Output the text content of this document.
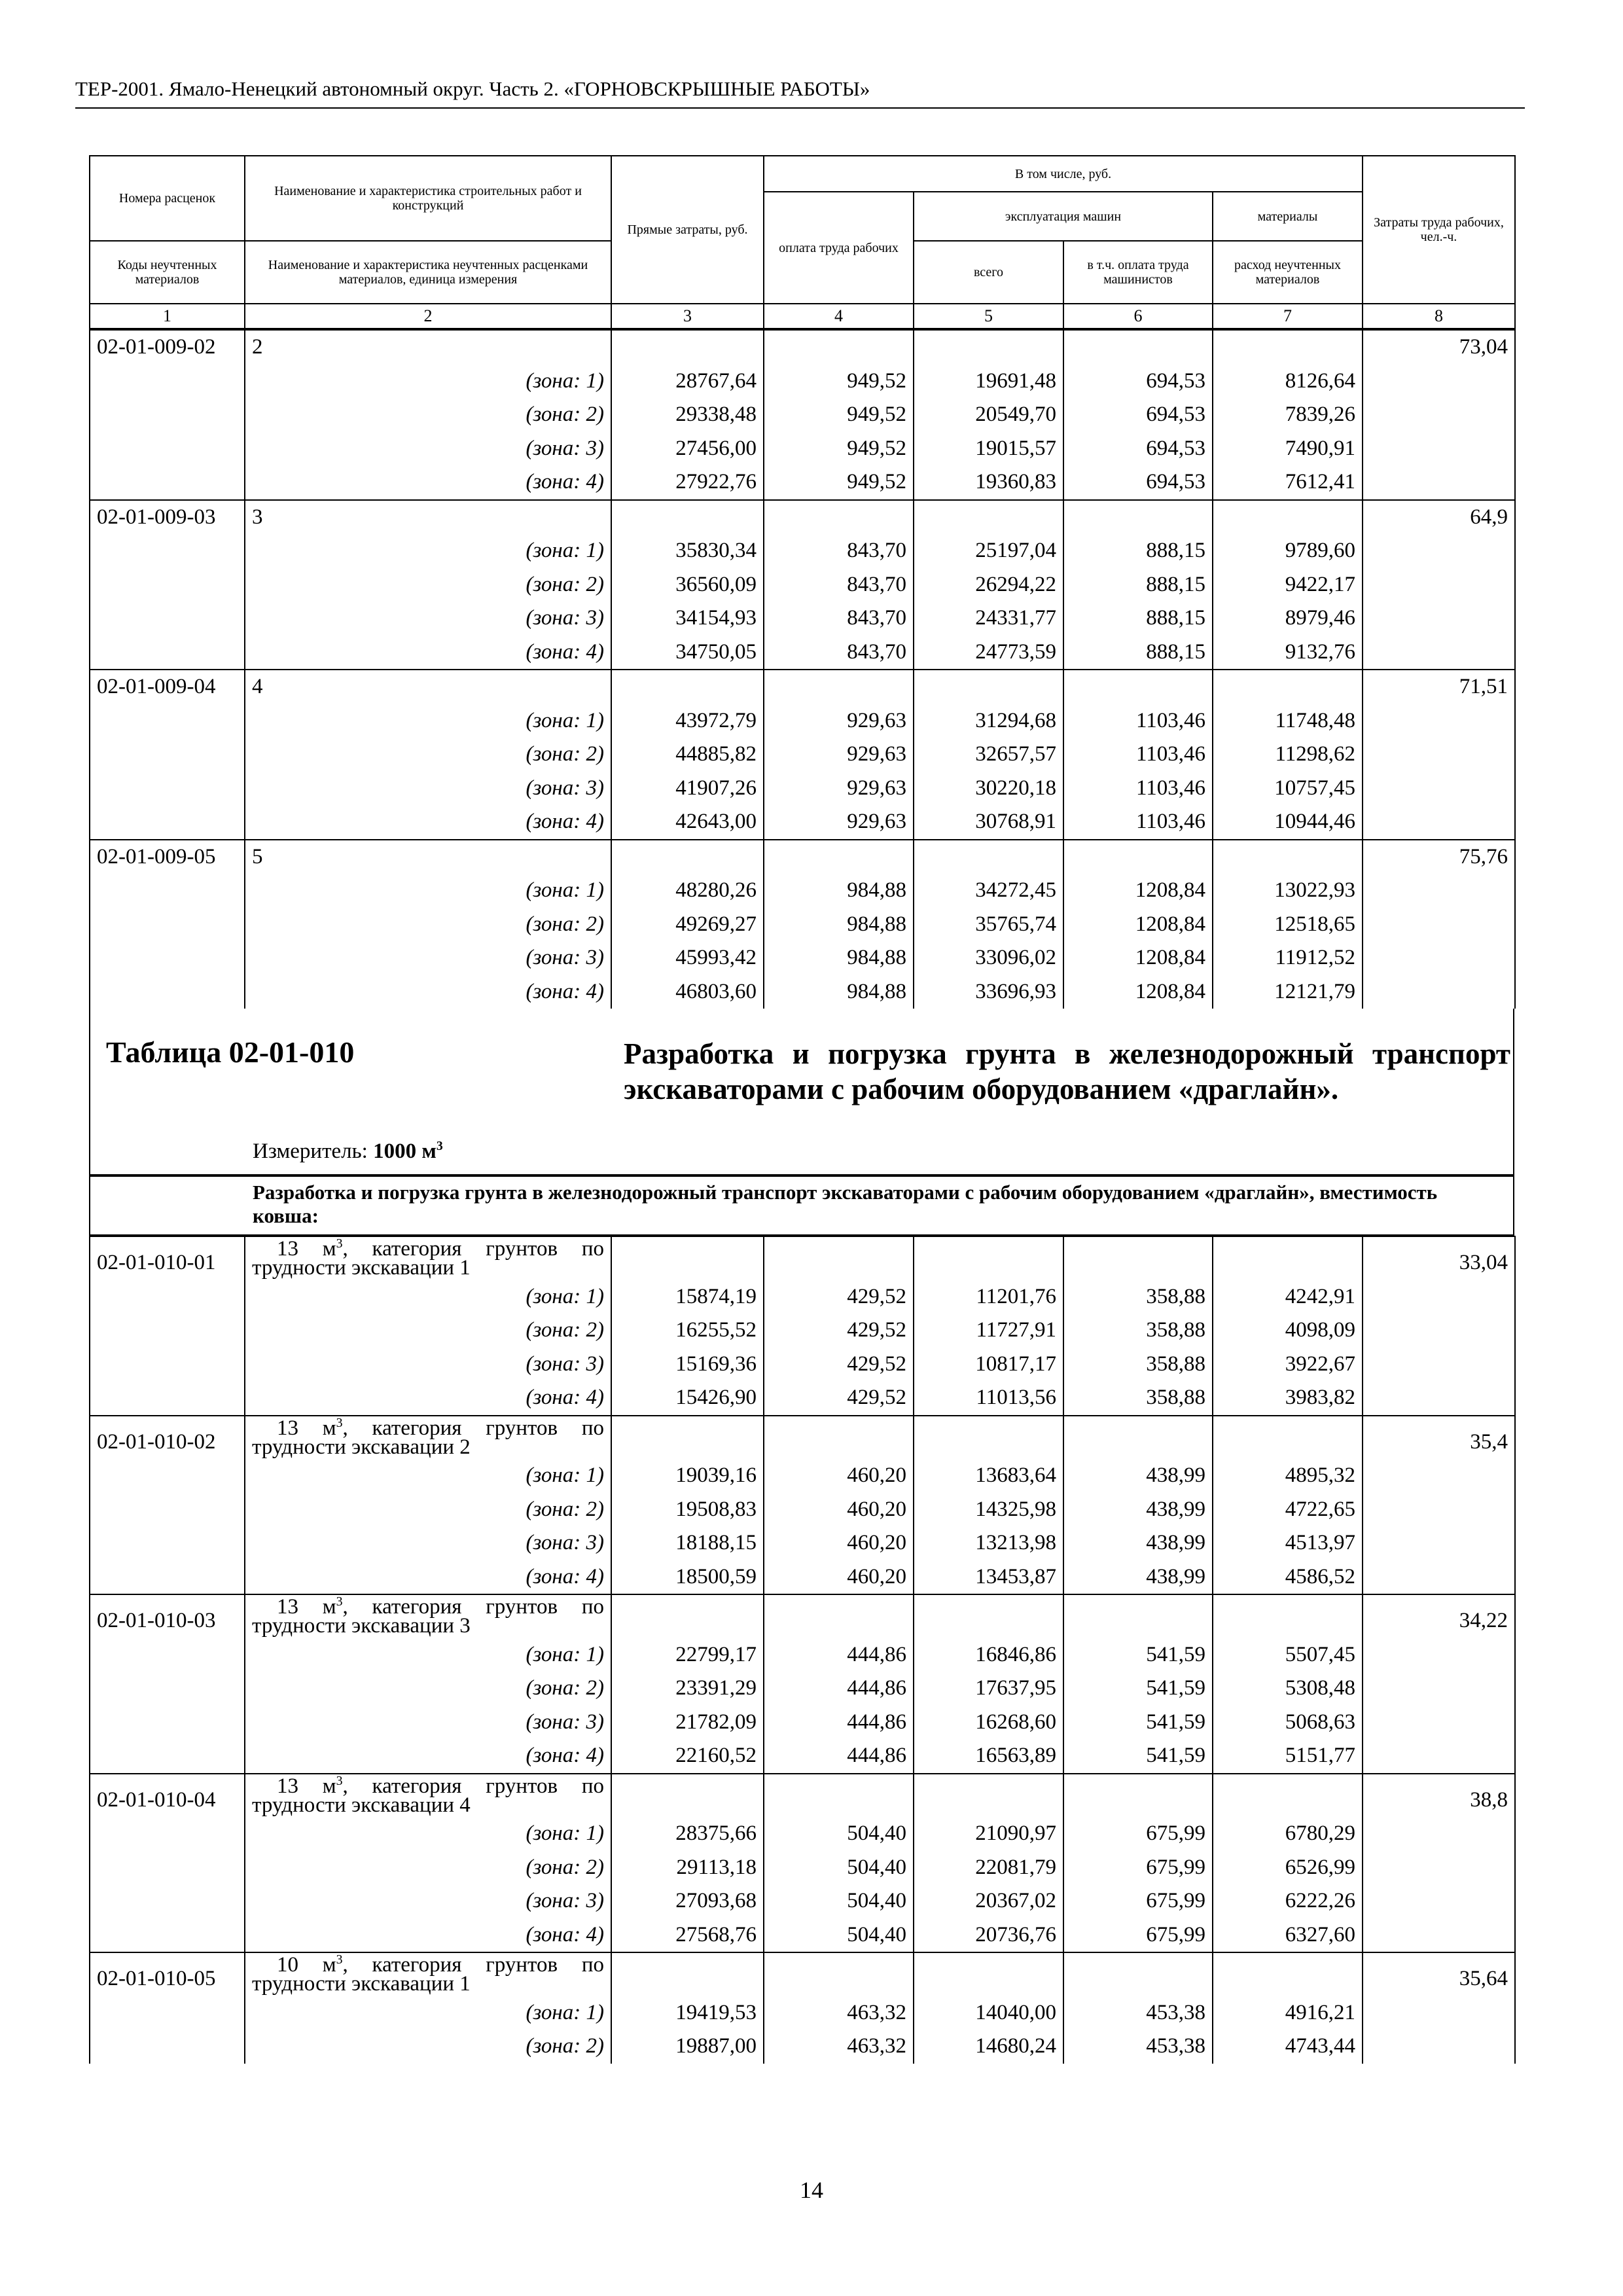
ТЕР-2001. Ямало-Ненецкий автономный округ. Часть 2. «ГОРНОВСКРЫШНЫЕ РАБОТЫ»
Номера расценок	Наименование и характеристика строительных работ и конструкций	Прямые затраты, руб.	В том числе, руб.				Затраты труда рабочих, чел.-ч.
			оплата труда рабочих	эксплуатация машин		материалы	
Коды неучтенных материалов	Наименование и характеристика неучтенных расценками материалов, единица измерения			всего	в т.ч. оплата труда машинистов	расход неучтенных материалов	
1	2	3	4	5	6	7	8
02-01-009-02	2						73,04
	(зона: 1)	28767,64	949,52	19691,48	694,53	8126,64	
	(зона: 2)	29338,48	949,52	20549,70	694,53	7839,26	
	(зона: 3)	27456,00	949,52	19015,57	694,53	7490,91	
	(зона: 4)	27922,76	949,52	19360,83	694,53	7612,41	
02-01-009-03	3						64,9
	(зона: 1)	35830,34	843,70	25197,04	888,15	9789,60	
	(зона: 2)	36560,09	843,70	26294,22	888,15	9422,17	
	(зона: 3)	34154,93	843,70	24331,77	888,15	8979,46	
	(зона: 4)	34750,05	843,70	24773,59	888,15	9132,76	
02-01-009-04	4						71,51
	(зона: 1)	43972,79	929,63	31294,68	1103,46	11748,48	
	(зона: 2)	44885,82	929,63	32657,57	1103,46	11298,62	
	(зона: 3)	41907,26	929,63	30220,18	1103,46	10757,45	
	(зона: 4)	42643,00	929,63	30768,91	1103,46	10944,46	
02-01-009-05	5						75,76
	(зона: 1)	48280,26	984,88	34272,45	1208,84	13022,93	
	(зона: 2)	49269,27	984,88	35765,74	1208,84	12518,65	
	(зона: 3)	45993,42	984,88	33096,02	1208,84	11912,52	
	(зона: 4)	46803,60	984,88	33696,93	1208,84	12121,79	
Таблица 02-01-010	Разработка и погрузка грунта в железнодорожный транспорт экскаваторами с рабочим оборудованием «драглайн».
Измеритель: 1000 $м^3$
Разработка и погрузка грунта в железнодорожный транспорт экскаваторами с рабочим оборудованием «драглайн», вместимость ковша:
02-01-010-01	13 $м^3$, категория грунтов по трудности экскавации 1						33,04
	(зона: 1)	15874,19	429,52	11201,76	358,88	4242,91	
	(зона: 2)	16255,52	429,52	11727,91	358,88	4098,09	
	(зона: 3)	15169,36	429,52	10817,17	358,88	3922,67	
	(зона: 4)	15426,90	429,52	11013,56	358,88	3983,82	
02-01-010-02	13 $м^3$, категория грунтов по трудности экскавации 2						35,4
	(зона: 1)	19039,16	460,20	13683,64	438,99	4895,32	
	(зона: 2)	19508,83	460,20	14325,98	438,99	4722,65	
	(зона: 3)	18188,15	460,20	13213,98	438,99	4513,97	
	(зона: 4)	18500,59	460,20	13453,87	438,99	4586,52	
02-01-010-03	13 $м^3$, категория грунтов по трудности экскавации 3						34,22
	(зона: 1)	22799,17	444,86	16846,86	541,59	5507,45	
	(зона: 2)	23391,29	444,86	17637,95	541,59	5308,48	
	(зона: 3)	21782,09	444,86	16268,60	541,59	5068,63	
	(зона: 4)	22160,52	444,86	16563,89	541,59	5151,77	
02-01-010-04	13 $м^3$, категория грунтов по трудности экскавации 4						38,8
	(зона: 1)	28375,66	504,40	21090,97	675,99	6780,29	
	(зона: 2)	29113,18	504,40	22081,79	675,99	6526,99	
	(зона: 3)	27093,68	504,40	20367,02	675,99	6222,26	
	(зона: 4)	27568,76	504,40	20736,76	675,99	6327,60	
02-01-010-05	10 $м^3$, категория грунтов по трудности экскавации 1						35,64
	(зона: 1)	19419,53	463,32	14040,00	453,38	4916,21	
	(зона: 2)	19887,00	463,32	14680,24	453,38	4743,44	
14
